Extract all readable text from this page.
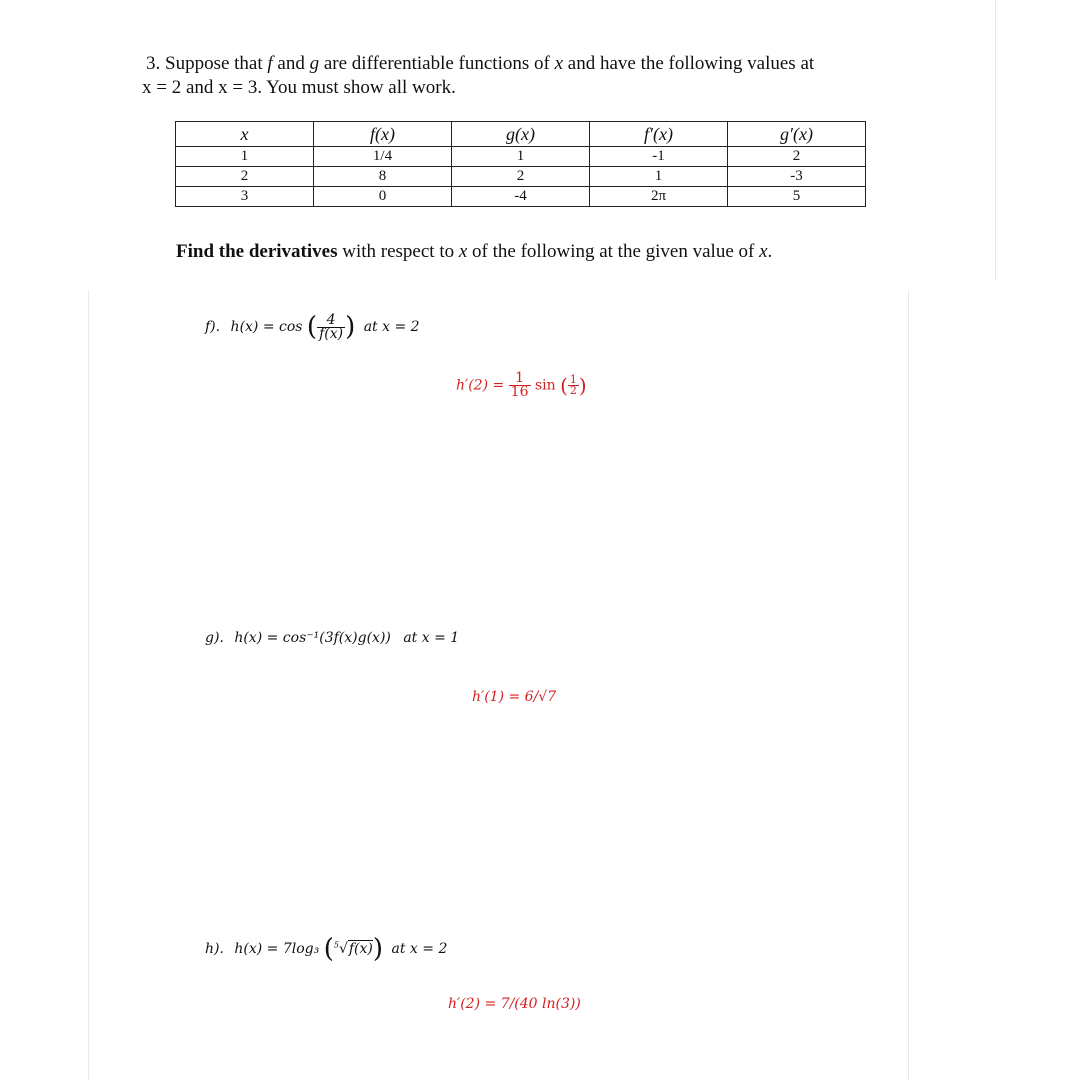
3. Suppose that f and g are differentiable functions of x and have the following values at
x = 2 and x = 3. You must show all work.
x	f(x)	g(x)	f′(x)	g′(x)
1	1/4	1	-1	2
2	8	2	1	-3
3	0	-4	2π	5
Find the derivatives with respect to x of the following at the given value of x.
f). h(x) = cos ( $\frac{4}{f(x)}$ ) at x = 2
$h'(2) = \frac{1}{16}$ sin ( $\frac{1}{2}$ )
g). h(x) = cos⁻¹(3f(x)g(x)) at x = 1
h′(1) = 6/√7
h). h(x) = 7log₃ ($^5$√f(x)) at x = 2
h′(2) = 7/(40 ln(3))
